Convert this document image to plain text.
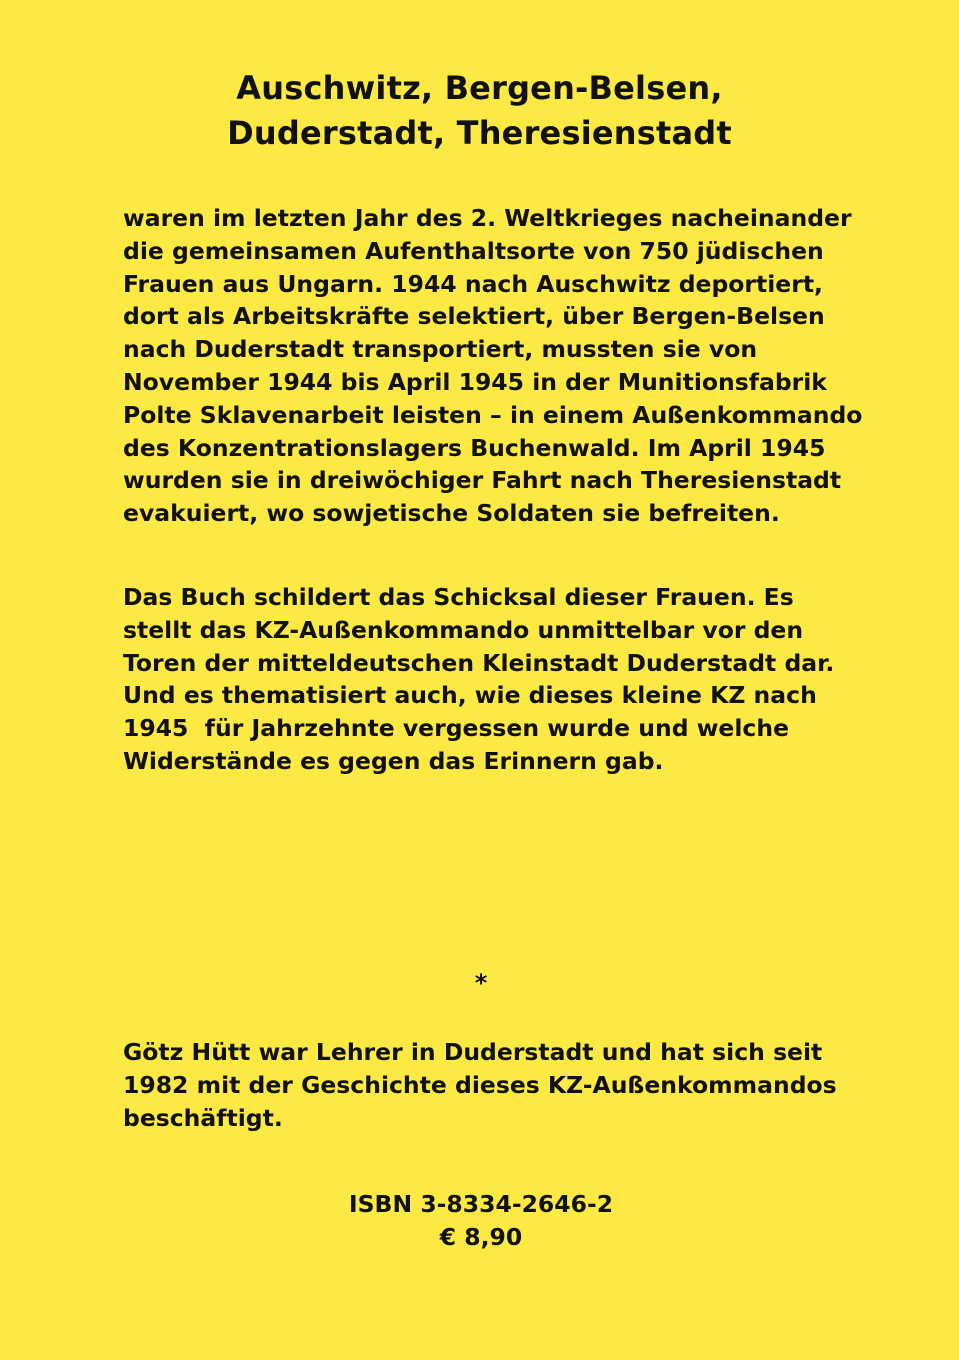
Auschwitz, Bergen-Belsen,
Duderstadt, Theresienstadt
waren im letzten Jahr des 2. Weltkrieges nacheinander
die gemeinsamen Aufenthaltsorte von 750 jüdischen
Frauen aus Ungarn. 1944 nach Auschwitz deportiert,
dort als Arbeitskräfte selektiert, über Bergen-Belsen
nach Duderstadt transportiert, mussten sie von
November 1944 bis April 1945 in der Munitionsfabrik
Polte Sklavenarbeit leisten – in einem Außenkommando
des Konzentrationslagers Buchenwald. Im April 1945
wurden sie in dreiwöchiger Fahrt nach Theresienstadt
evakuiert, wo sowjetische Soldaten sie befreiten.
Das Buch schildert das Schicksal dieser Frauen. Es
stellt das KZ-Außenkommando unmittelbar vor den
Toren der mitteldeutschen Kleinstadt Duderstadt dar.
Und es thematisiert auch, wie dieses kleine KZ nach
1945  für Jahrzehnte vergessen wurde und welche
Widerstände es gegen das Erinnern gab.
*
Götz Hütt war Lehrer in Duderstadt und hat sich seit
1982 mit der Geschichte dieses KZ-Außenkommandos
beschäftigt.
ISBN 3-8334-2646-2
€ 8,90
